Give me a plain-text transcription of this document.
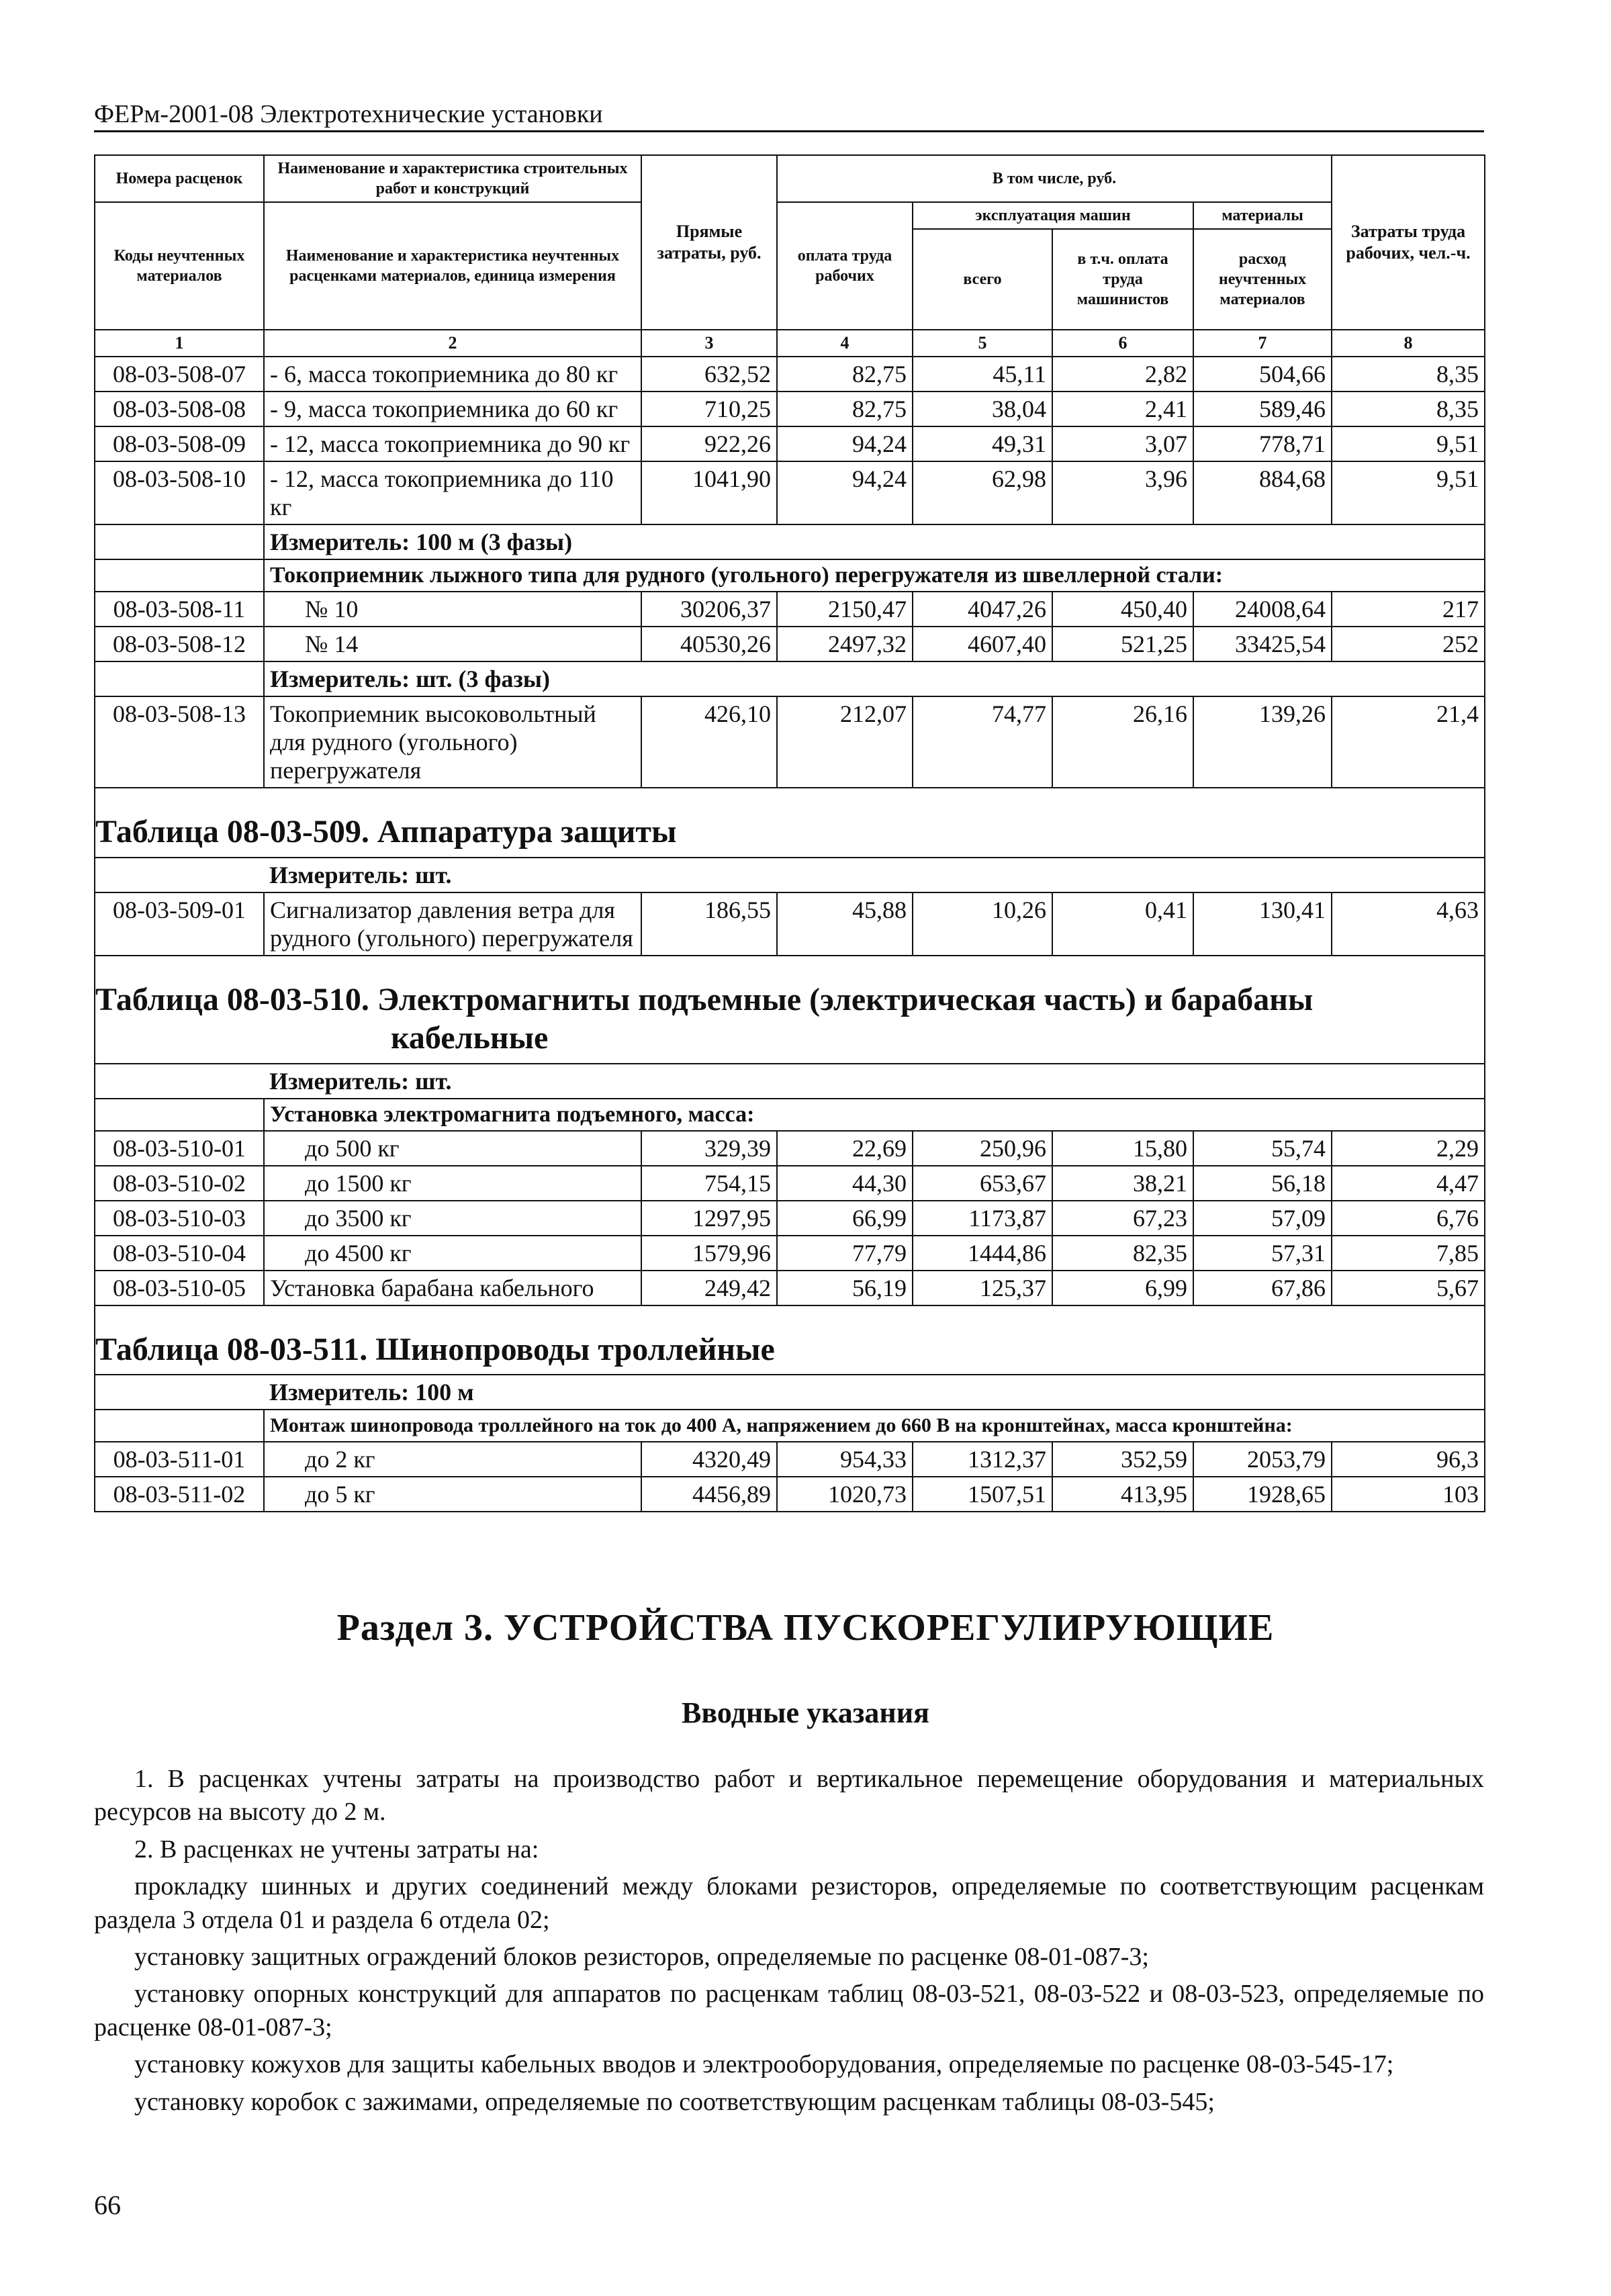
ФЕРм-2001-08 Электротехнические установки
Номера расценок	Наименование и характеристика строительных работ и конструкций	Прямые затраты, руб.	В том числе, руб.				Затраты труда рабочих, чел.-ч.
Коды неучтенных материалов	Наименование и характеристика неучтенных расценками материалов, единица измерения		оплата труда рабочих	эксплуатация машин		материалы	
				всего	в т.ч. оплата труда машинистов	расход неучтенных материалов	
1	2	3	4	5	6	7	8
08-03-508-07	- 6, масса токоприемника до 80 кг	632,52	82,75	45,11	2,82	504,66	8,35
08-03-508-08	- 9, масса токоприемника до 60 кг	710,25	82,75	38,04	2,41	589,46	8,35
08-03-508-09	- 12, масса токоприемника до 90 кг	922,26	94,24	49,31	3,07	778,71	9,51
08-03-508-10	- 12, масса токоприемника до 110 кг	1041,90	94,24	62,98	3,96	884,68	9,51
	Измеритель: 100 м (3 фазы)						
	Токоприемник лыжного типа для рудного (угольного) перегружателя из швеллерной стали:						
08-03-508-11	№ 10	30206,37	2150,47	4047,26	450,40	24008,64	217
08-03-508-12	№ 14	40530,26	2497,32	4607,40	521,25	33425,54	252
	Измеритель: шт. (3 фазы)						
08-03-508-13	Токоприемник высоковольтный для рудного (угольного) перегружателя	426,10	212,07	74,77	26,16	139,26	21,4
Таблица 08-03-509. Аппаратура защиты							
	Измеритель: шт.						
08-03-509-01	Сигнализатор давления ветра для рудного (угольного) перегружателя	186,55	45,88	10,26	0,41	130,41	4,63
Таблица 08-03-510. Электромагниты подъемные (электрическая часть) и барабаны
кабельные							

	Измеритель: шт.						
	Установка электромагнита подъемного, масса:						
08-03-510-01	до 500 кг	329,39	22,69	250,96	15,80	55,74	2,29
08-03-510-02	до 1500 кг	754,15	44,30	653,67	38,21	56,18	4,47
08-03-510-03	до 3500 кг	1297,95	66,99	1173,87	67,23	57,09	6,76
08-03-510-04	до 4500 кг	1579,96	77,79	1444,86	82,35	57,31	7,85
08-03-510-05	Установка барабана кабельного	249,42	56,19	125,37	6,99	67,86	5,67
Таблица 08-03-511. Шинопроводы троллейные							
	Измеритель: 100 м						
	Монтаж шинопровода троллейного на ток до 400 А, напряжением до 660 В на кронштейнах, масса кронштейна:						
08-03-511-01	до 2 кг	4320,49	954,33	1312,37	352,59	2053,79	96,3
08-03-511-02	до 5 кг	4456,89	1020,73	1507,51	413,95	1928,65	103
Раздел 3. УСТРОЙСТВА ПУСКОРЕГУЛИРУЮЩИЕ
Вводные указания

1. В расценках учтены затраты на производство работ и вертикальное перемещение оборудования и материальных ресурсов на высоту до 2 м.

2. В расценках не учтены затраты на:

прокладку шинных и других соединений между блоками резисторов, определяемые по соответствующим расценкам раздела 3 отдела 01 и раздела 6 отдела 02;

установку защитных ограждений блоков резисторов, определяемые по расценке 08-01-087-3;

установку опорных конструкций для аппаратов по расценкам таблиц 08-03-521, 08-03-522 и 08-03-523, определяемые по расценке 08-01-087-3;

установку кожухов для защиты кабельных вводов и электрооборудования, определяемые по расценке 08-03-545-17;

установку коробок с зажимами, определяемые по соответствующим расценкам таблицы 08-03-545;

66
